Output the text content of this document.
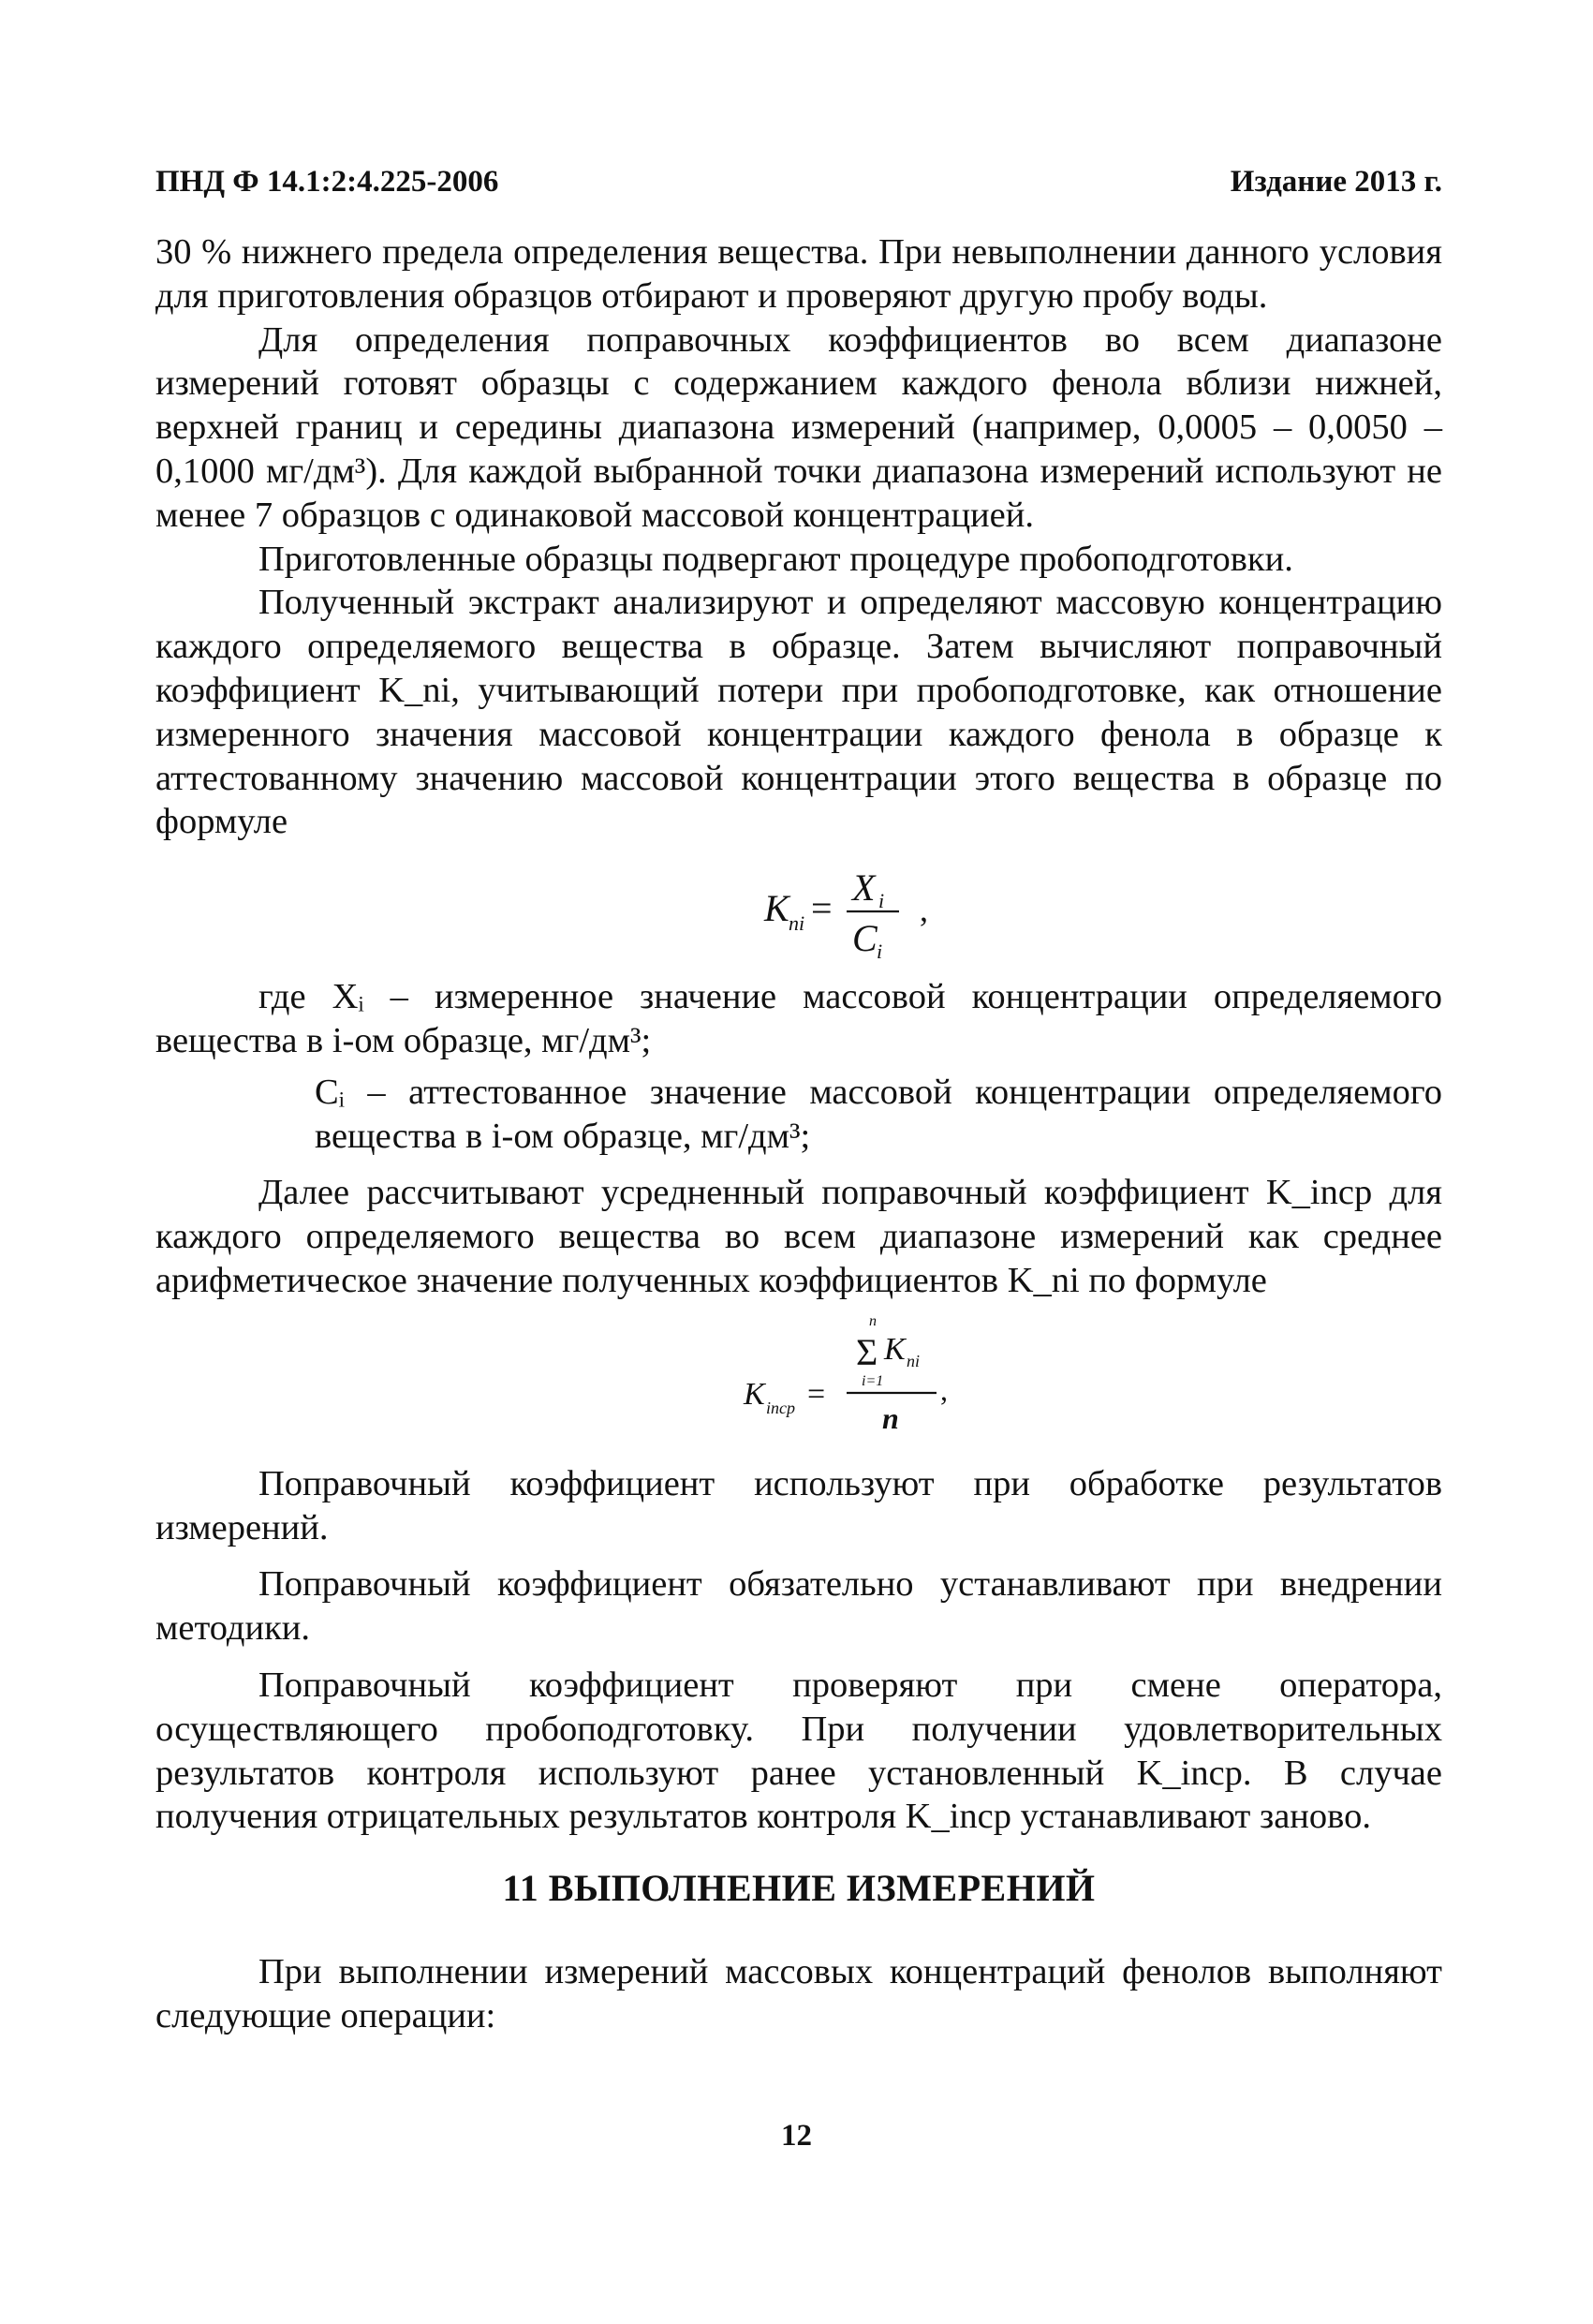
ПНД Ф 14.1:2:4.225-2006	Издание 2013 г.

30 % нижнего предела определения вещества. При невыполнении данного условия для приготовления образцов отбирают и проверяют другую пробу воды.

Для определения поправочных коэффициентов во всем диапазоне измерений готовят образцы с содержанием каждого фенола вблизи нижней, верхней границ и середины диапазона измерений (например, 0,0005 – 0,0050 – 0,1000 мг/дм³). Для каждой выбранной точки диапазона измерений используют не менее 7 образцов с одинаковой массовой концентрацией.

Приготовленные образцы подвергают процедуре пробоподготовки.

Полученный экстракт анализируют и определяют массовую концентрацию каждого определяемого вещества в образце. Затем вычисляют поправочный коэффициент K_ni, учитывающий потери при пробоподготовке, как отношение измеренного значения массовой концентрации каждого фенола в образце к аттестованному значению массовой концентрации этого вещества в образце по формуле

K ni = X i
C i
,

где Xᵢ – измеренное значение массовой концентрации определяемого вещества в i-ом образце, мг/дм³;

Cᵢ – аттестованное значение массовой концентрации определяемого вещества в i-ом образце, мг/дм³;

Далее рассчитывают усредненный поправочный коэффициент K_inср для каждого определяемого вещества во всем диапазоне измерений как среднее арифметическое значение полученных коэффициентов K_ni по формуле

K incp =
n
Σ K ni
i=1
n
,

Поправочный коэффициент используют при обработке результатов измерений.

Поправочный коэффициент обязательно устанавливают при внедрении методики.

Поправочный коэффициент проверяют при смене оператора, осуществляющего пробоподготовку. При получении удовлетворительных результатов контроля используют ранее установленный K_inср. В случае получения отрицательных результатов контроля K_inср устанавливают заново.

11 ВЫПОЛНЕНИЕ ИЗМЕРЕНИЙ

При выполнении измерений массовых концентраций фенолов выполняют следующие операции:

12
